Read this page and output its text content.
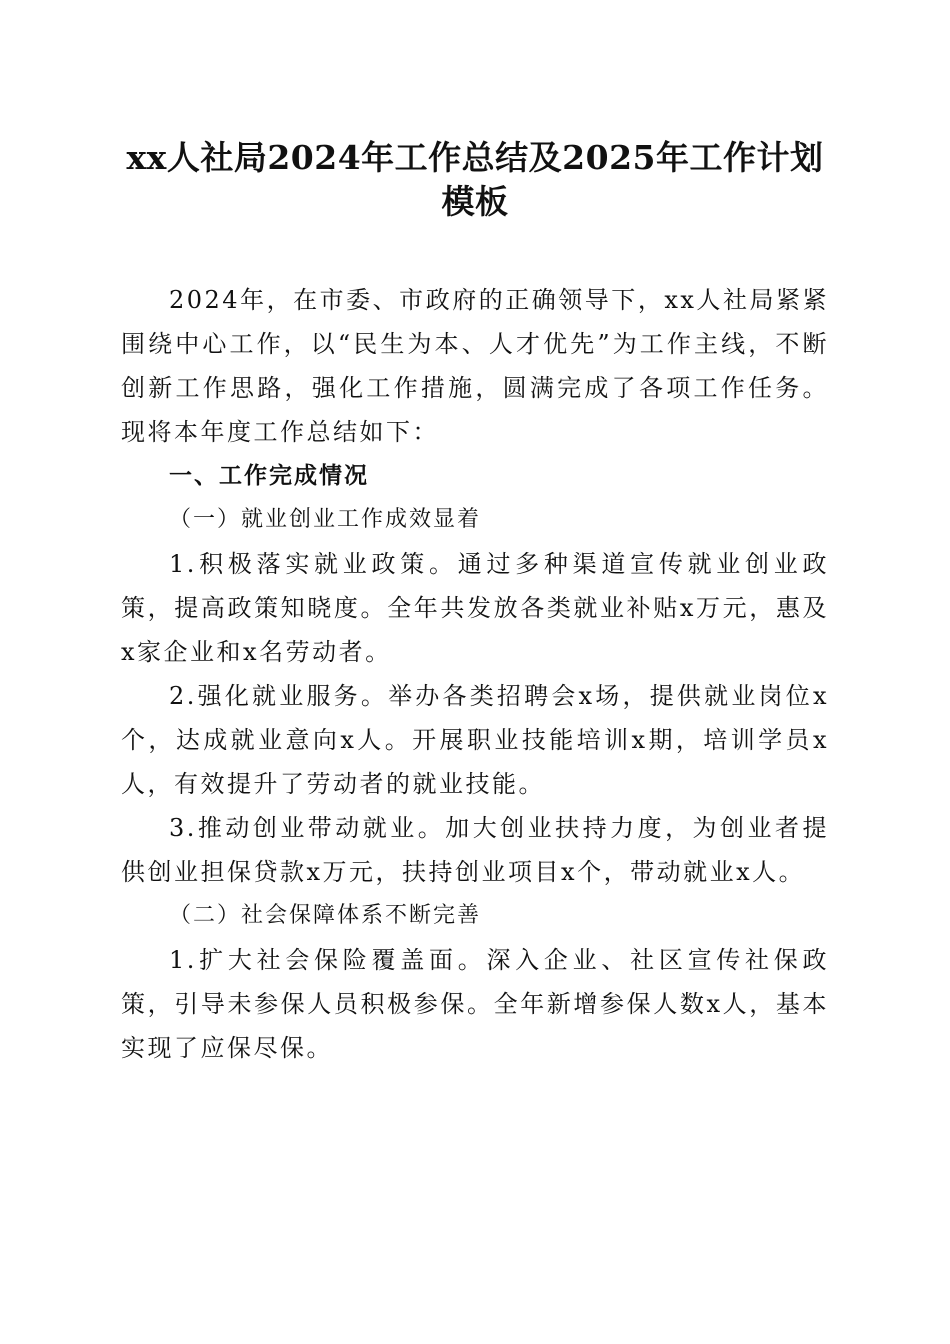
xx人社局2024年工作总结及2025年工作计划
模板

2024年，在市委、市政府的正确领导下，xx人社局紧紧围绕中心工作，以“民生为本、人才优先”为工作主线，不断创新工作思路，强化工作措施，圆满完成了各项工作任务。现将本年度工作总结如下：

一、工作完成情况

（一）就业创业工作成效显着

1.积极落实就业政策。通过多种渠道宣传就业创业政策，提高政策知晓度。全年共发放各类就业补贴x万元，惠及x家企业和x名劳动者。

2.强化就业服务。举办各类招聘会x场，提供就业岗位x个，达成就业意向x人。开展职业技能培训x期，培训学员x人，有效提升了劳动者的就业技能。

3.推动创业带动就业。加大创业扶持力度，为创业者提供创业担保贷款x万元，扶持创业项目x个，带动就业x人。

（二）社会保障体系不断完善

1.扩大社会保险覆盖面。深入企业、社区宣传社保政策，引导未参保人员积极参保。全年新增参保人数x人，基本实现了应保尽保。
